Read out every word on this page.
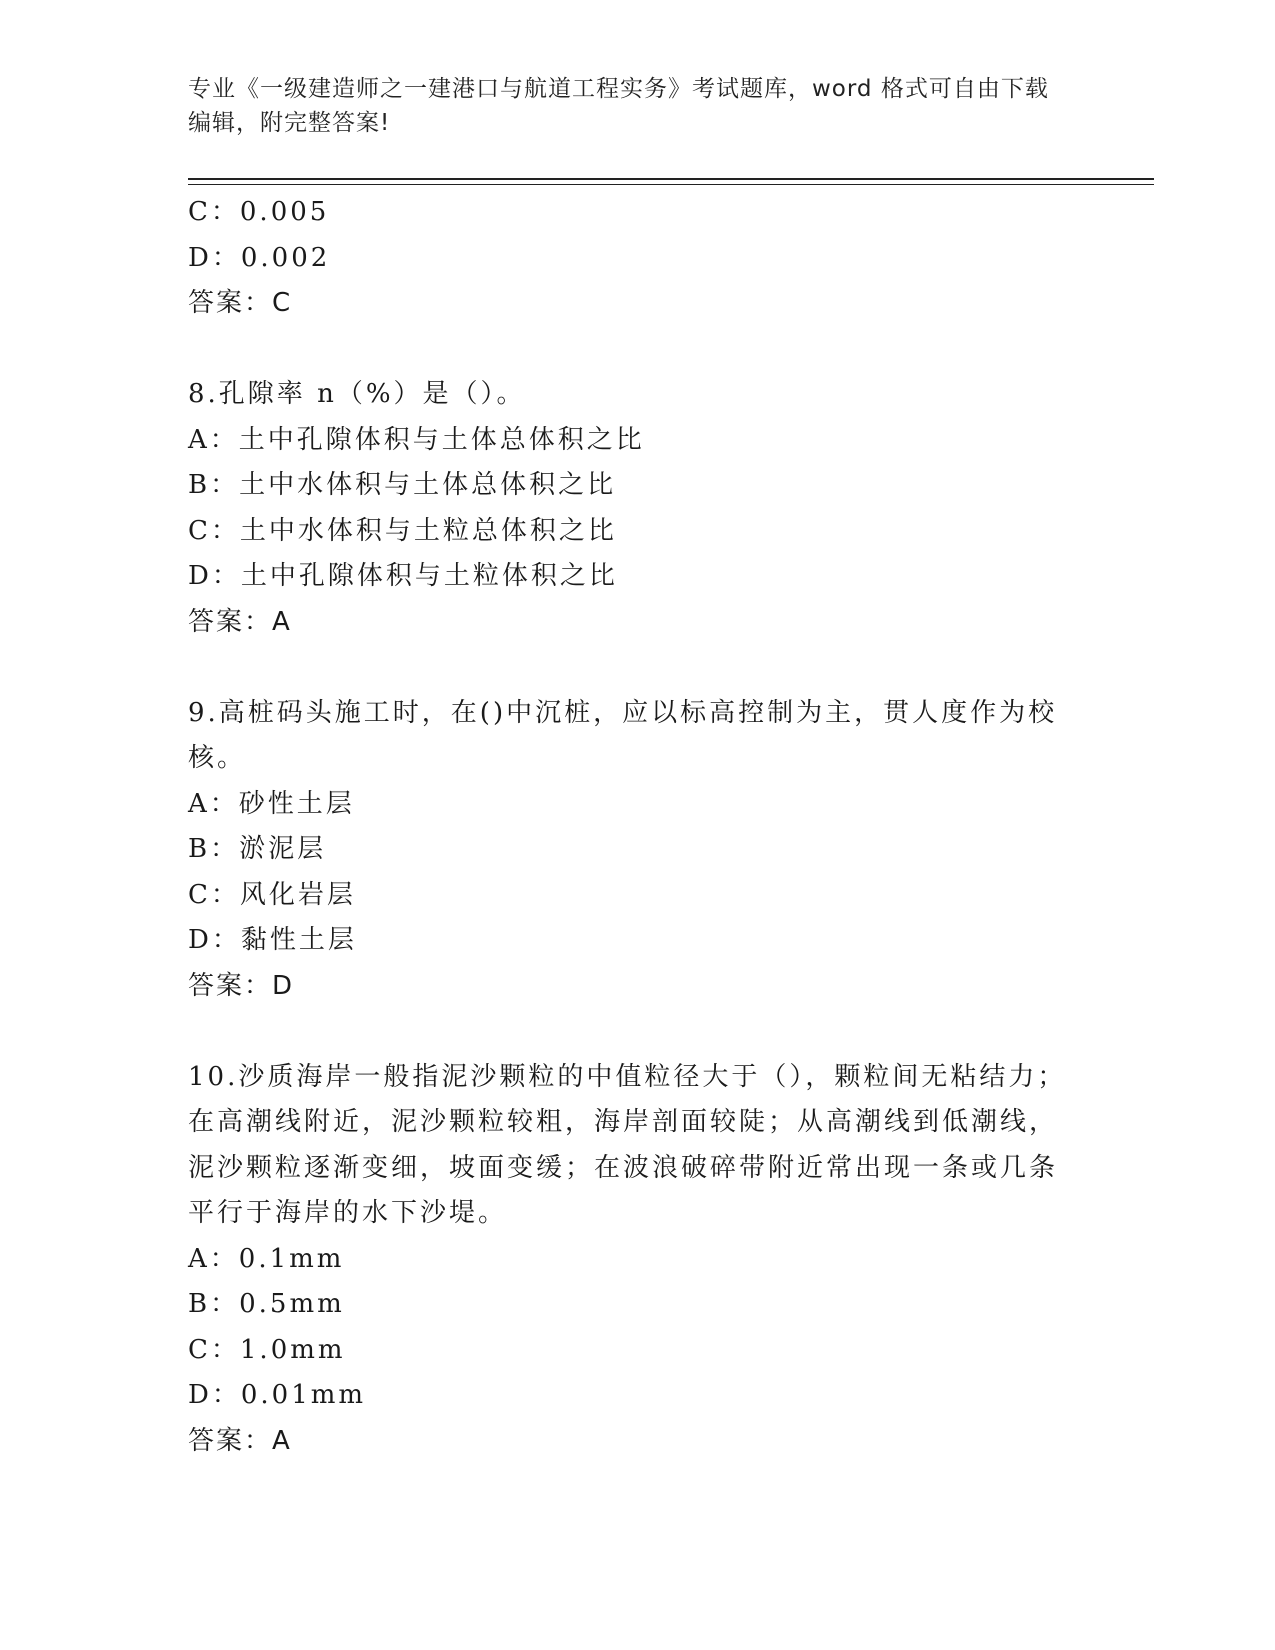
专业《一级建造师之一建港口与航道工程实务》考试题库，word 格式可自由下载
编辑，附完整答案!
C：0.005
D：0.002
答案：C
8.孔隙率 n（%）是（）。
A：土中孔隙体积与土体总体积之比
B：土中水体积与土体总体积之比
C：土中水体积与土粒总体积之比
D：土中孔隙体积与土粒体积之比
答案：A
9.高桩码头施工时，在()中沉桩，应以标高控制为主，贯人度作为校
核。
A：砂性土层
B：淤泥层
C：风化岩层
D：黏性土层
答案：D
10.沙质海岸一般指泥沙颗粒的中值粒径大于（），颗粒间无粘结力；
在高潮线附近，泥沙颗粒较粗，海岸剖面较陡；从高潮线到低潮线，
泥沙颗粒逐渐变细，坡面变缓；在波浪破碎带附近常出现一条或几条
平行于海岸的水下沙堤。
A：0.1mm
B：0.5mm
C：1.0mm
D：0.01mm
答案：A
